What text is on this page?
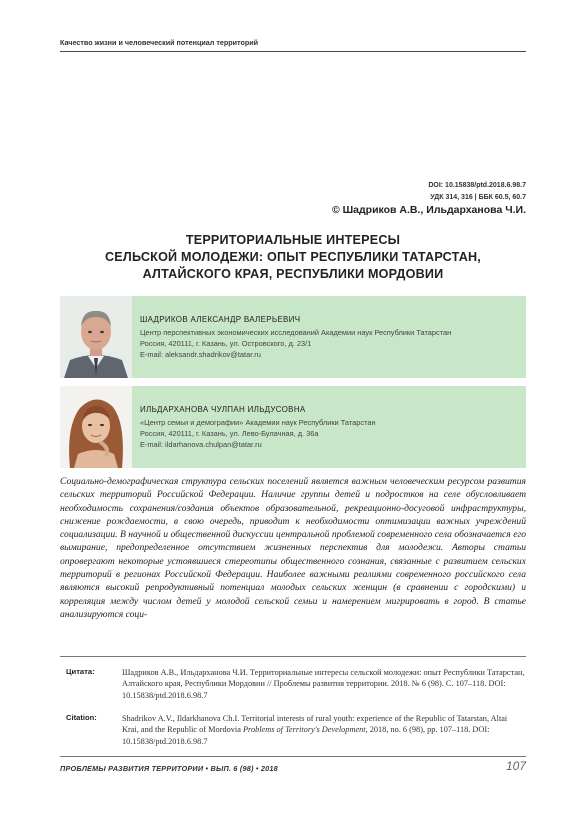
Качество жизни и человеческий потенциал территорий
DOI: 10.15838/ptd.2018.6.98.7
УДК 314, 316 | ББК 60.5, 60.7
© Шадриков А.В., Ильдарханова Ч.И.
ТЕРРИТОРИАЛЬНЫЕ ИНТЕРЕСЫ
СЕЛЬСКОЙ МОЛОДЕЖИ: ОПЫТ РЕСПУБЛИКИ ТАТАРСТАН,
АЛТАЙСКОГО КРАЯ, РЕСПУБЛИКИ МОРДОВИИ
ШАДРИКОВ АЛЕКСАНДР ВАЛЕРЬЕВИЧ
Центр перспективных экономических исследований Академии наук Республики Татарстан
Россия, 420111, г. Казань, ул. Островского, д. 23/1
E-mail: aleksandr.shadrikov@tatar.ru
ИЛЬДАРХАНОВА ЧУЛПАН ИЛЬДУСОВНА
«Центр семьи и демографии» Академии наук Республики Татарстан
Россия, 420111, г. Казань, ул. Лево-Булачная, д. 36а
E-mail: ildarhanova.chulpan@tatar.ru

Социально-демографическая структура сельских поселений является важным человеческим ресурсом развития сельских территорий Российской Федерации. Наличие группы детей и подростков на селе обусловливает необходимость сохранения/создания объектов образовательной, рекреационно-досуговой инфраструктуры, снижение рождаемости, в свою очередь, приводит к необходимости оптимизации важных учреждений социализации. В научной и общественной дискуссии центральной проблемой современного села обозначается его вымирание, предопределенное отсутствием жизненных перспектив для молодежи. Авторы статьи опровергают некоторые устоявшиеся стереотипы общественного сознания, связанные с развитием сельских территорий в регионах Российской Федерации. Наиболее важными реалиями современного российского села являются высокий репродуктивный потенциал молодых сельских женщин (в сравнении с городскими) и корреляция между числом детей у молодой сельской семьи и намерением мигрировать в город. В статье анализируются соци-

Цитата:	Шадриков А.В., Ильдарханова Ч.И. Территориальные интересы сельской молодежи: опыт Республики Татарстан, Алтайского края, Республики Мордовии // Проблемы развития территории. 2018. № 6 (98). С. 107–118. DOI: 10.15838/ptd.2018.6.98.7
Citation:	Shadrikov A.V., Ildarkhanova Ch.I. Territorial interests of rural youth: experience of the Republic of Tatarstan, Altai Krai, and the Republic of Mordovia Problems of Territory's Development, 2018, no. 6 (98), pp. 107–118. DOI: 10.15838/ptd.2018.6.98.7
ПРОБЛЕМЫ РАЗВИТИЯ ТЕРРИТОРИИ • ВЫП. 6 (98) • 2018	107
